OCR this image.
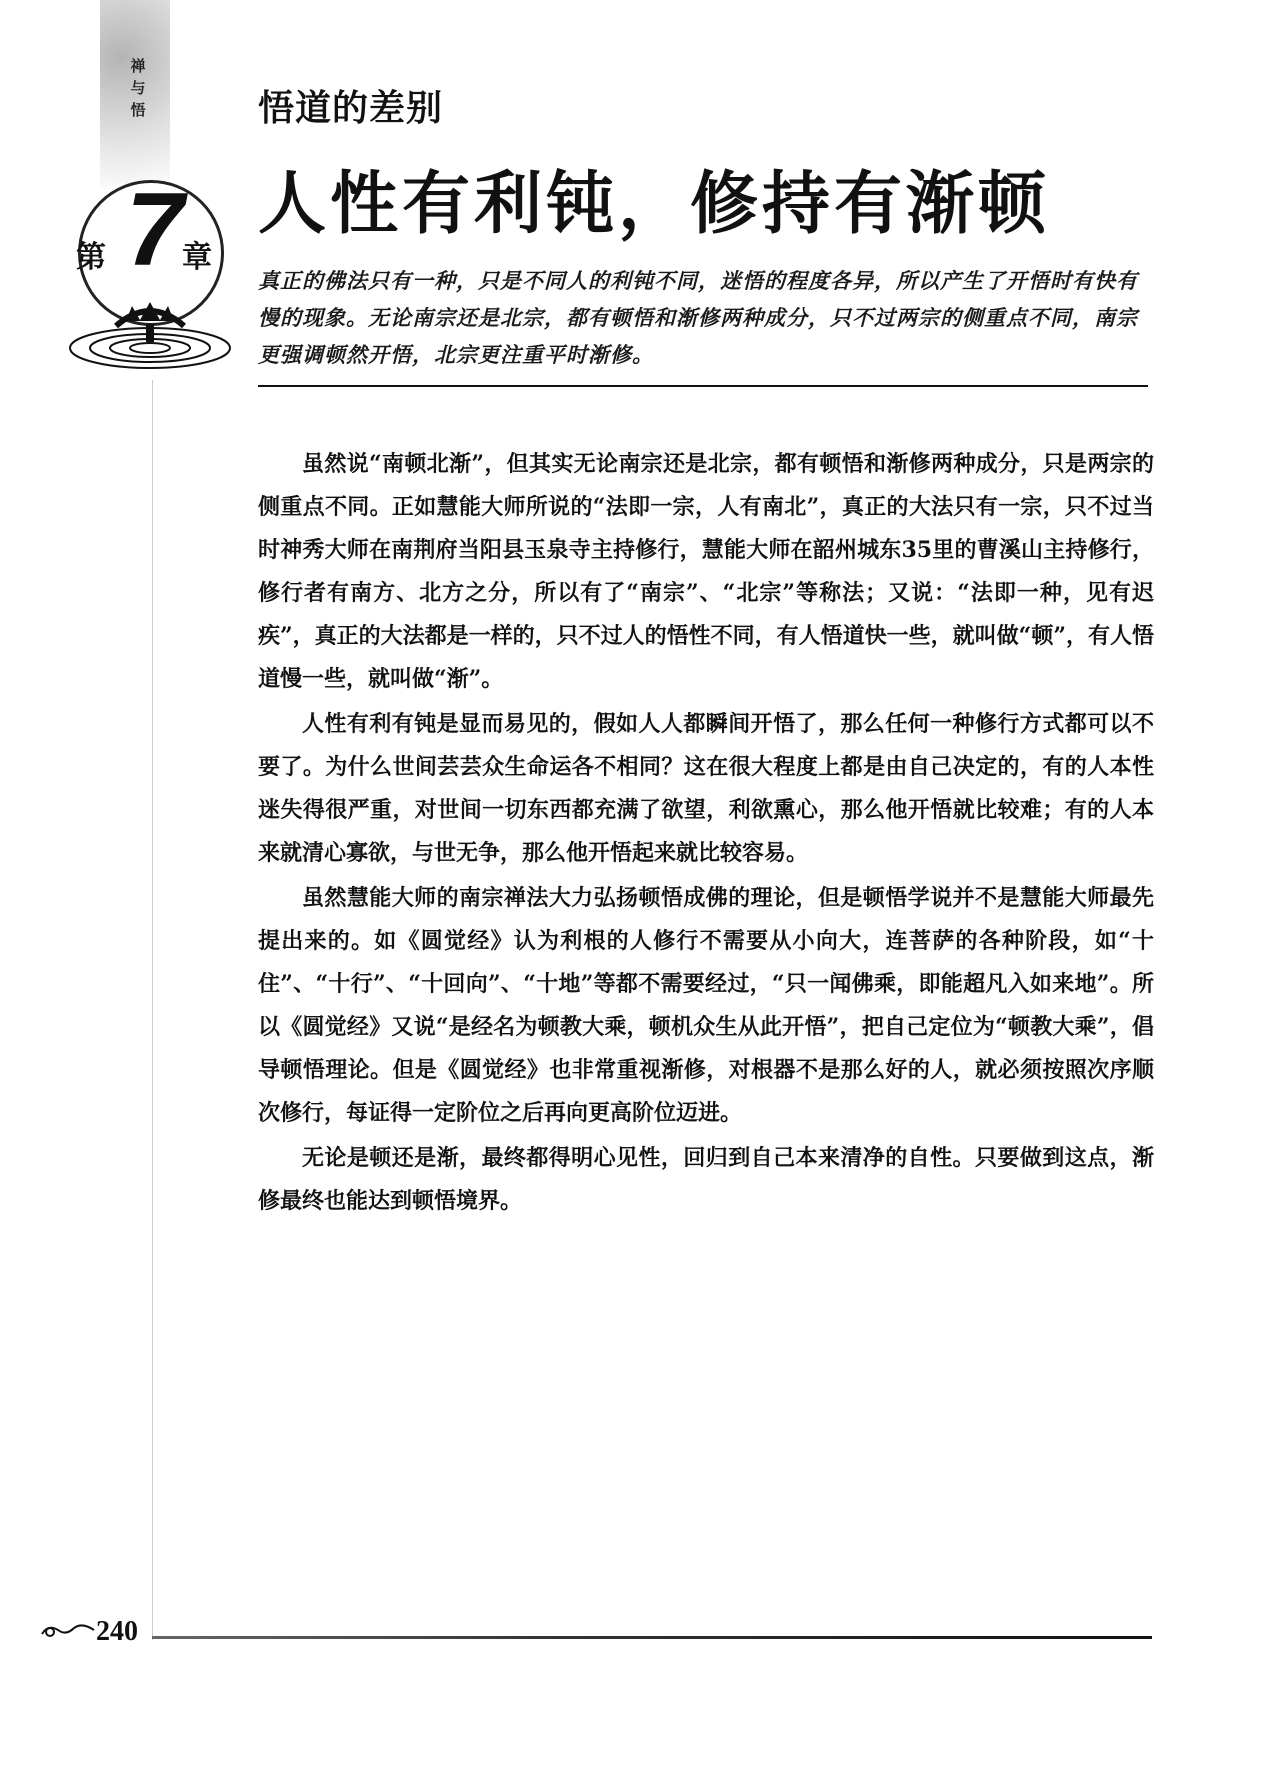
禅
与
悟
第 7
章
悟道的差别
人性有利钝，修持有渐顿
真正的佛法只有一种，只是不同人的利钝不同，迷悟的程度各异，所以产生了开悟时有快有慢的现象。无论南宗还是北宗，都有顿悟和渐修两种成分，只不过两宗的侧重点不同，南宗更强调顿然开悟，北宗更注重平时渐修。

虽然说“南顿北渐”，但其实无论南宗还是北宗，都有顿悟和渐修两种成分，只是两宗的侧重点不同。正如慧能大师所说的“法即一宗，人有南北”，真正的大法只有一宗，只不过当时神秀大师在南荆府当阳县玉泉寺主持修行，慧能大师在韶州城东35里的曹溪山主持修行，修行者有南方、北方之分，所以有了“南宗”、“北宗”等称法；又说：“法即一种，见有迟疾”，真正的大法都是一样的，只不过人的悟性不同，有人悟道快一些，就叫做“顿”，有人悟道慢一些，就叫做“渐”。

人性有利有钝是显而易见的，假如人人都瞬间开悟了，那么任何一种修行方式都可以不要了。为什么世间芸芸众生命运各不相同？这在很大程度上都是由自己决定的，有的人本性迷失得很严重，对世间一切东西都充满了欲望，利欲熏心，那么他开悟就比较难；有的人本来就清心寡欲，与世无争，那么他开悟起来就比较容易。

虽然慧能大师的南宗禅法大力弘扬顿悟成佛的理论，但是顿悟学说并不是慧能大师最先提出来的。如《圆觉经》认为利根的人修行不需要从小向大，连菩萨的各种阶段，如“十住”、“十行”、“十回向”、“十地”等都不需要经过，“只一闻佛乘，即能超凡入如来地”。所以《圆觉经》又说“是经名为顿教大乘，顿机众生从此开悟”，把自己定位为“顿教大乘”，倡导顿悟理论。但是《圆觉经》也非常重视渐修，对根器不是那么好的人，就必须按照次序顺次修行，每证得一定阶位之后再向更高阶位迈进。

无论是顿还是渐，最终都得明心见性，回归到自己本来清净的自性。只要做到这点，渐修最终也能达到顿悟境界。

240
